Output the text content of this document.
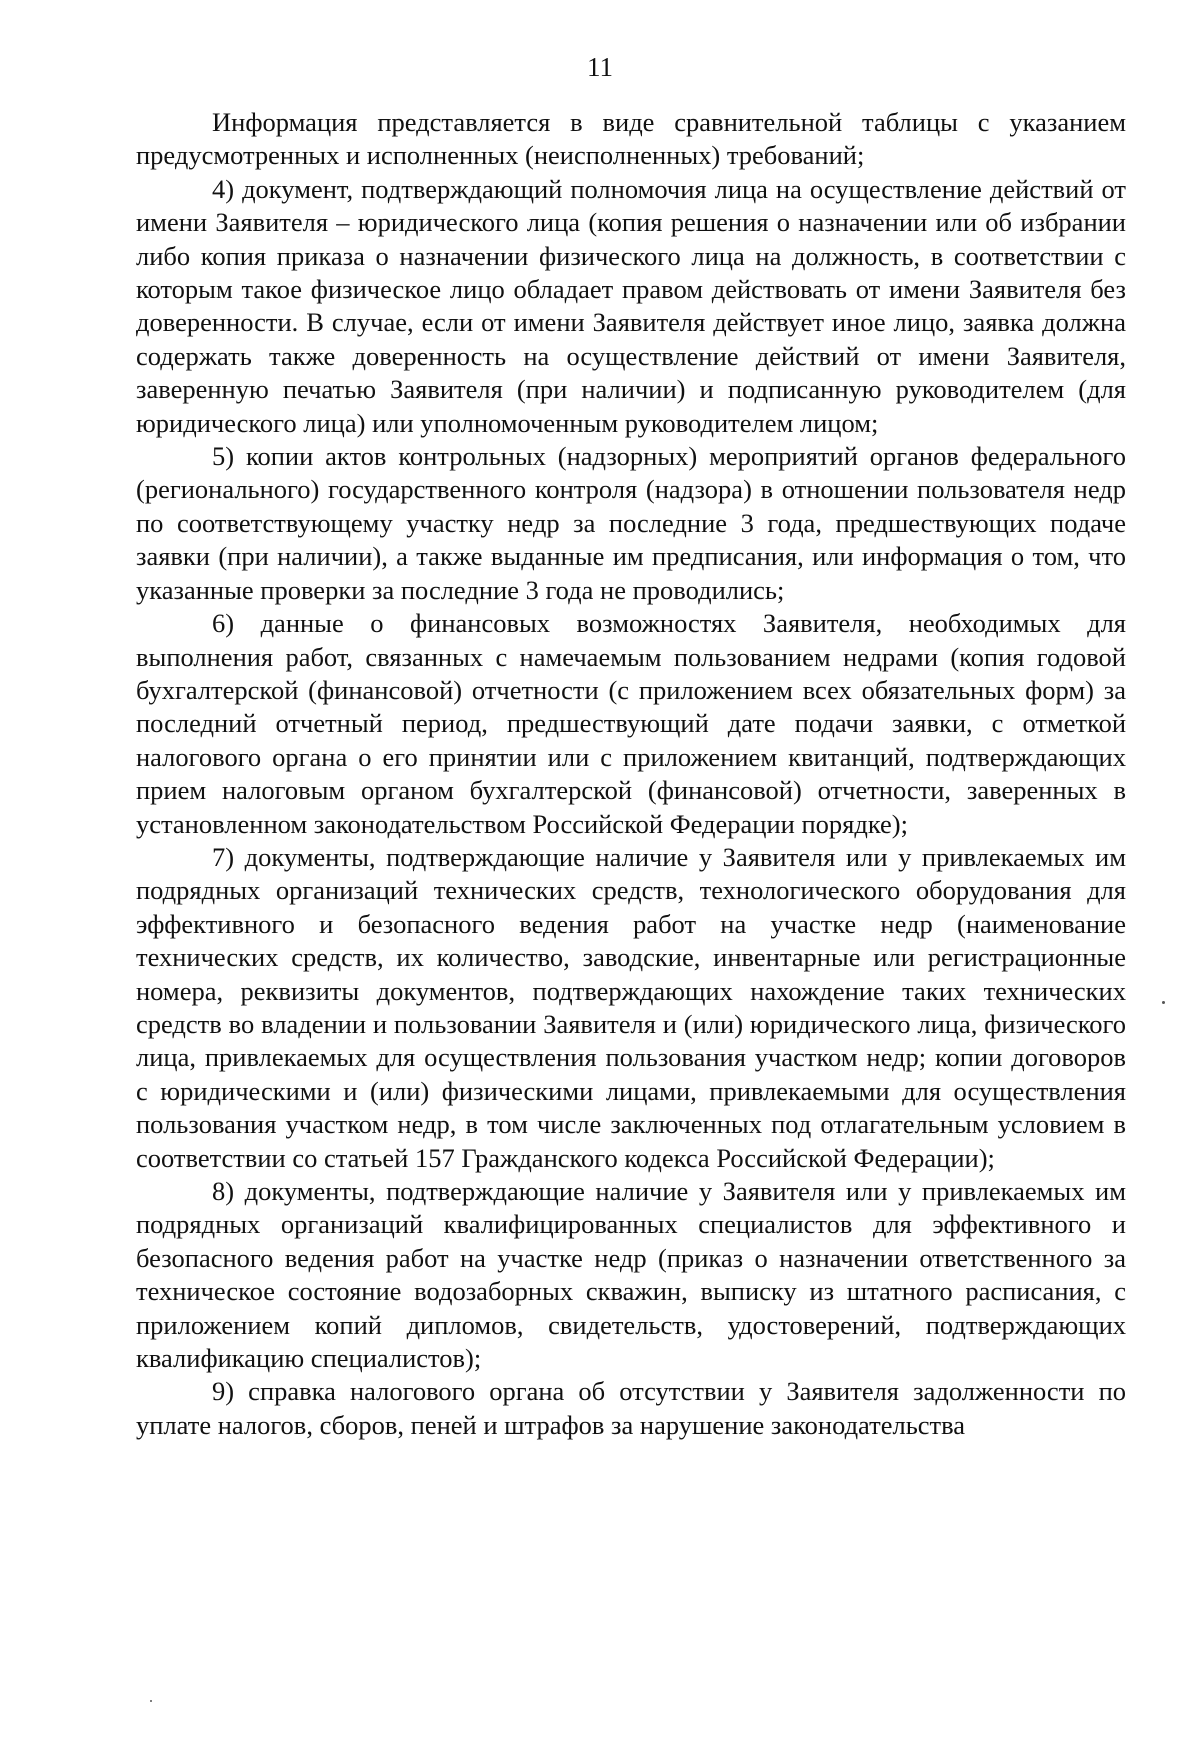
11

Информация представляется в виде сравнительной таблицы с указанием предусмотренных и исполненных (неисполненных) требований;

4) документ, подтверждающий полномочия лица на осуществление действий от имени Заявителя – юридического лица (копия решения о назначении или об избрании либо копия приказа о назначении физического лица на должность, в соответствии с которым такое физическое лицо обладает правом действовать от имени Заявителя без доверенности. В случае, если от имени Заявителя действует иное лицо, заявка должна содержать также доверенность на осуществление действий от имени Заявителя, заверенную печатью Заявителя (при наличии) и подписанную руководителем (для юридического лица) или уполномоченным руководителем лицом;

5) копии актов контрольных (надзорных) мероприятий органов федерального (регионального) государственного контроля (надзора) в отношении пользователя недр по соответствующему участку недр за последние 3 года, предшествующих подаче заявки (при наличии), а также выданные им предписания, или информация о том, что указанные проверки за последние 3 года не проводились;

6) данные о финансовых возможностях Заявителя, необходимых для выполнения работ, связанных с намечаемым пользованием недрами (копия годовой бухгалтерской (финансовой) отчетности (с приложением всех обязательных форм) за последний отчетный период, предшествующий дате подачи заявки, с отметкой налогового органа о его принятии или с приложением квитанций, подтверждающих прием налоговым органом бухгалтерской (финансовой) отчетности, заверенных в установленном законодательством Российской Федерации порядке);

7) документы, подтверждающие наличие у Заявителя или у привлекаемых им подрядных организаций технических средств, технологического оборудования для эффективного и безопасного ведения работ на участке недр (наименование технических средств, их количество, заводские, инвентарные или регистрационные номера, реквизиты документов, подтверждающих нахождение таких технических средств во владении и пользовании Заявителя и (или) юридического лица, физического лица, привлекаемых для осуществления пользования участком недр; копии договоров с юридическими и (или) физическими лицами, привлекаемыми для осуществления пользования участком недр, в том числе заключенных под отлагательным условием в соответствии со статьей 157 Гражданского кодекса Российской Федерации);

8) документы, подтверждающие наличие у Заявителя или у привлекаемых им подрядных организаций квалифицированных специалистов для эффективного и безопасного ведения работ на участке недр (приказ о назначении ответственного за техническое состояние водозаборных скважин, выписку из штатного расписания, с приложением копий дипломов, свидетельств, удостоверений, подтверждающих квалификацию специалистов);

9) справка налогового органа об отсутствии у Заявителя задолженности по уплате налогов, сборов, пеней и штрафов за нарушение законодательства
